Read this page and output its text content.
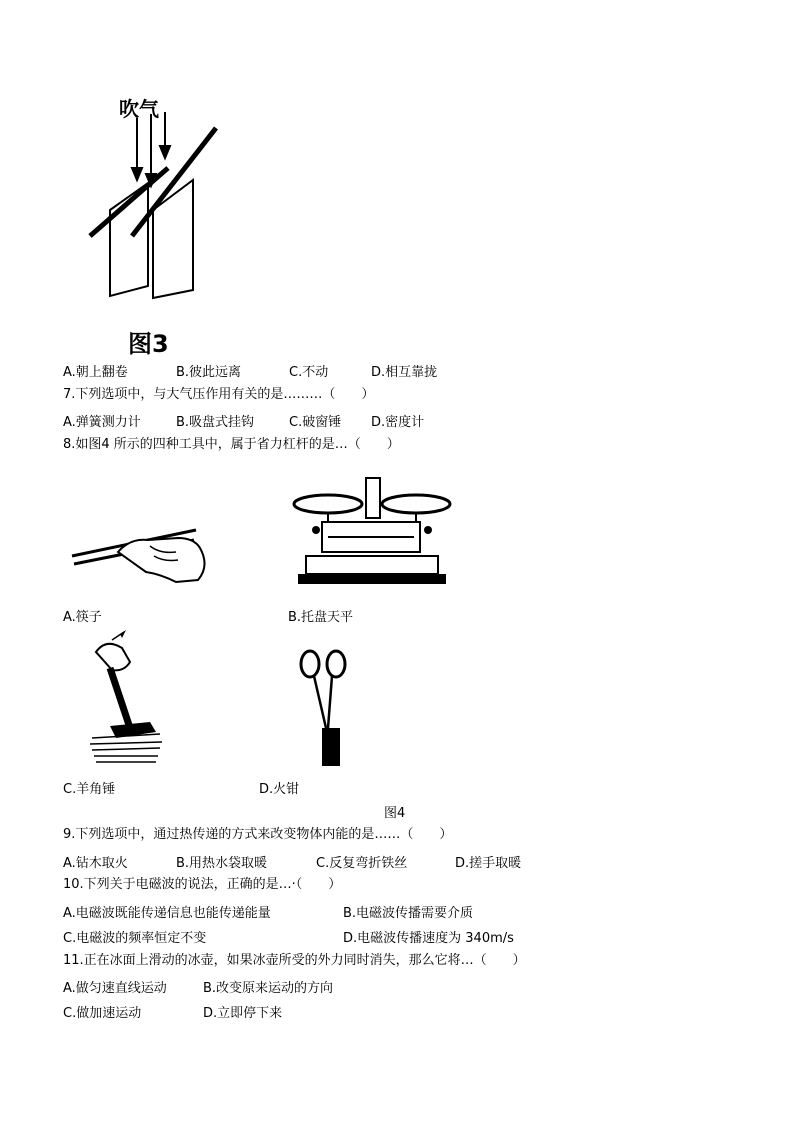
吹气
图3
A.朝上翻卷	B.彼此远离	C.不动	D.相互靠拢
7.下列选项中，与大气压作用有关的是………（　　）
A.弹簧测力计	B.吸盘式挂钩	C.破窗锤 D.密度计
8.如图4 所示的四种工具中，属于省力杠杆的是…（　　）
A.筷子	B.托盘天平
C.羊角锤	D.火钳
图4
9.下列选项中，通过热传递的方式来改变物体内能的是……（　　）
A.钻木取火	B.用热水袋取暖	C.反复弯折铁丝	D.搓手取暖
10.下列关于电磁波的说法，正确的是…·（　　）
A.电磁波既能传递信息也能传递能量	B.电磁波传播需要介质
C.电磁波的频率恒定不变	D.电磁波传播速度为 340m/s
11.正在冰面上滑动的冰壶，如果冰壶所受的外力同时消失，那么它将…（　　）
A.做匀速直线运动	B.改变原来运动的方向
C.做加速运动	D.立即停下来
